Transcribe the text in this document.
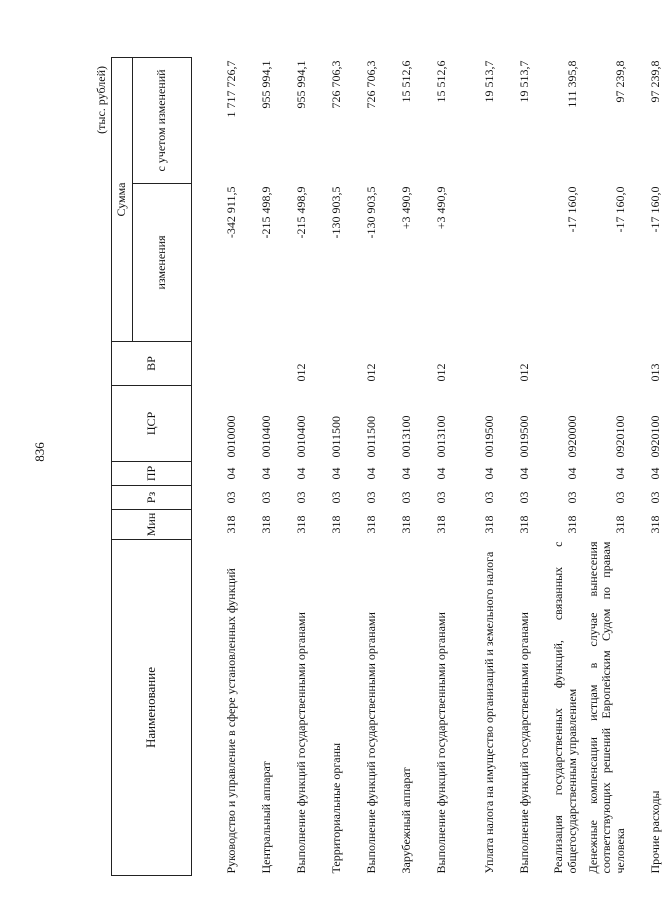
836
(тыс. рублей)
Наименование	Мин	Рз	ПР	ЦСР	ВР	Сумма	
						изменения	с учетом изменений
Руководство и управление в сфере установленных функций	318	03	04	0010000		-342 911,5	1 717 726,7
Центральный аппарат	318	03	04	0010400		-215 498,9	955 994,1
Выполнение функций государственными органами	318	03	04	0010400	012	-215 498,9	955 994,1
Территориальные органы	318	03	04	0011500		-130 903,5	726 706,3
Выполнение функций государственными органами	318	03	04	0011500	012	-130 903,5	726 706,3
Зарубежный аппарат	318	03	04	0013100		+3 490,9	15 512,6
Выполнение функций государственными органами	318	03	04	0013100	012	+3 490,9	15 512,6
Уплата налога на имущество организаций и земельного налога	318	03	04	0019500			19 513,7
Выполнение функций государственными органами	318	03	04	0019500	012		19 513,7
Реализация государственных функций, связанных с общегосударственным управлением	318	03	04	0920000		-17 160,0	111 395,8
Денежные компенсации истцам в случае вынесения соответствующих решений Европейским Судом по правам человека	318	03	04	0920100		-17 160,0	97 239,8
Прочие расходы	318	03	04	0920100	013	-17 160,0	97 239,8
